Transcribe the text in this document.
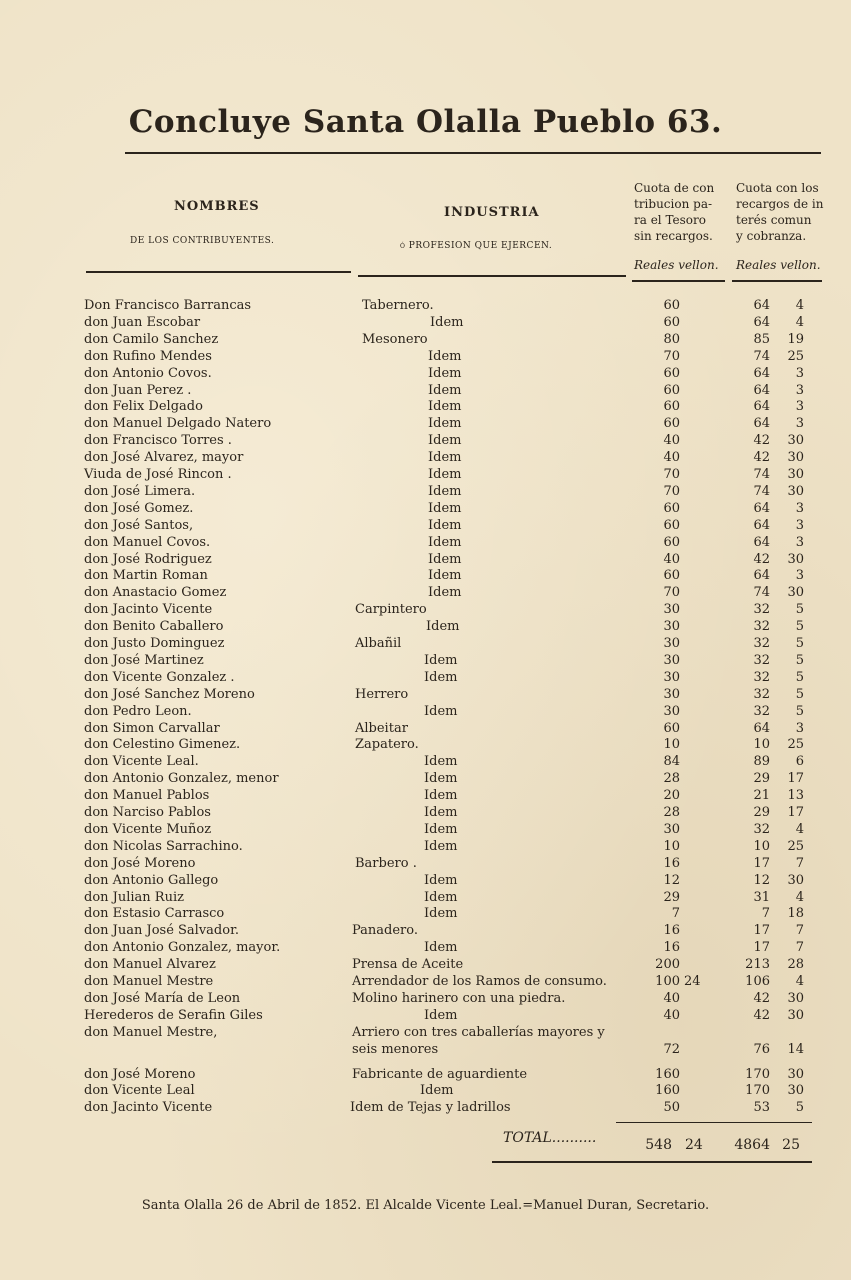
Concluye Santa Olalla Pueblo 63.
NOMBRES
DE LOS CONTRIBUYENTES.
INDUSTRIA
ó PROFESION QUE EJERCEN.
Cuota de con
tribucion pa-
ra el Tesoro
sin recargos.
Reales vellon.
Cuota con los
recargos de in
terés comun
y cobranza.
Reales vellon.
Don Francisco Barrancas	Tabernero.	60	64	4
don Juan Escobar	Idem	60	64	4
don Camilo Sanchez	Mesonero	80	85	19
don Rufino Mendes	Idem	70	74	25
don Antonio Covos.	Idem	60	64	3
don Juan Perez .	Idem	60	64	3
don Felix Delgado	Idem	60	64	3
don Manuel Delgado Natero	Idem	60	64	3
don Francisco Torres .	Idem	40	42	30
don José Alvarez, mayor	Idem	40	42	30
Viuda de José Rincon .	Idem	70	74	30
don José Limera.	Idem	70	74	30
don José Gomez.	Idem	60	64	3
don José Santos,	Idem	60	64	3
don Manuel Covos.	Idem	60	64	3
don José Rodriguez	Idem	40	42	30
don Martin Roman	Idem	60	64	3
don Anastacio Gomez	Idem	70	74	30
don Jacinto Vicente	Carpintero	30	32	5
don Benito Caballero	Idem	30	32	5
don Justo Dominguez	Albañil	30	32	5
don José Martinez	Idem	30	32	5
don Vicente Gonzalez .	Idem	30	32	5
don José Sanchez Moreno	Herrero	30	32	5
don Pedro Leon.	Idem	30	32	5
don Simon Carvallar	Albeitar	60	64	3
don Celestino Gimenez.	Zapatero.	10	10	25
don Vicente Leal.	Idem	84	89	6
don Antonio Gonzalez, menor	Idem	28	29	17
don Manuel Pablos	Idem	20	21	13
don Narciso Pablos	Idem	28	29	17
don Vicente Muñoz	Idem	30	32	4
don Nicolas Sarrachino.	Idem	10	10	25
don José Moreno	Barbero .	16	17	7
don Antonio Gallego	Idem	12	12	30
don Julian Ruiz	Idem	29	31	4
don Estasio Carrasco	Idem	7	7	18
don Juan José Salvador.	Panadero.	16	17	7
don Antonio Gonzalez, mayor.	Idem	16	17	7
don Manuel Alvarez	Prensa de Aceite	200	213	28
don Manuel Mestre	Arrendador de los Ramos de consumo.	100 24	106	4
don José María de Leon	Molino harinero con una piedra.	40	42	30
Herederos de Serafin Giles	Idem	40	42	30
don Manuel Mestre,	Arriero con tres caballerías mayores y
seis menores	72	76	14
don José Moreno	Fabricante de aguardiente	160	170	30
don Vicente Leal	Idem	160	170	30
don Jacinto Vicente	Idem de Tejas y ladrillos	50	53	5
TOTAL..........	548 24	4864 25
Santa Olalla 26 de Abril de 1852. El Alcalde Vicente Leal.=Manuel Duran, Secretario.
